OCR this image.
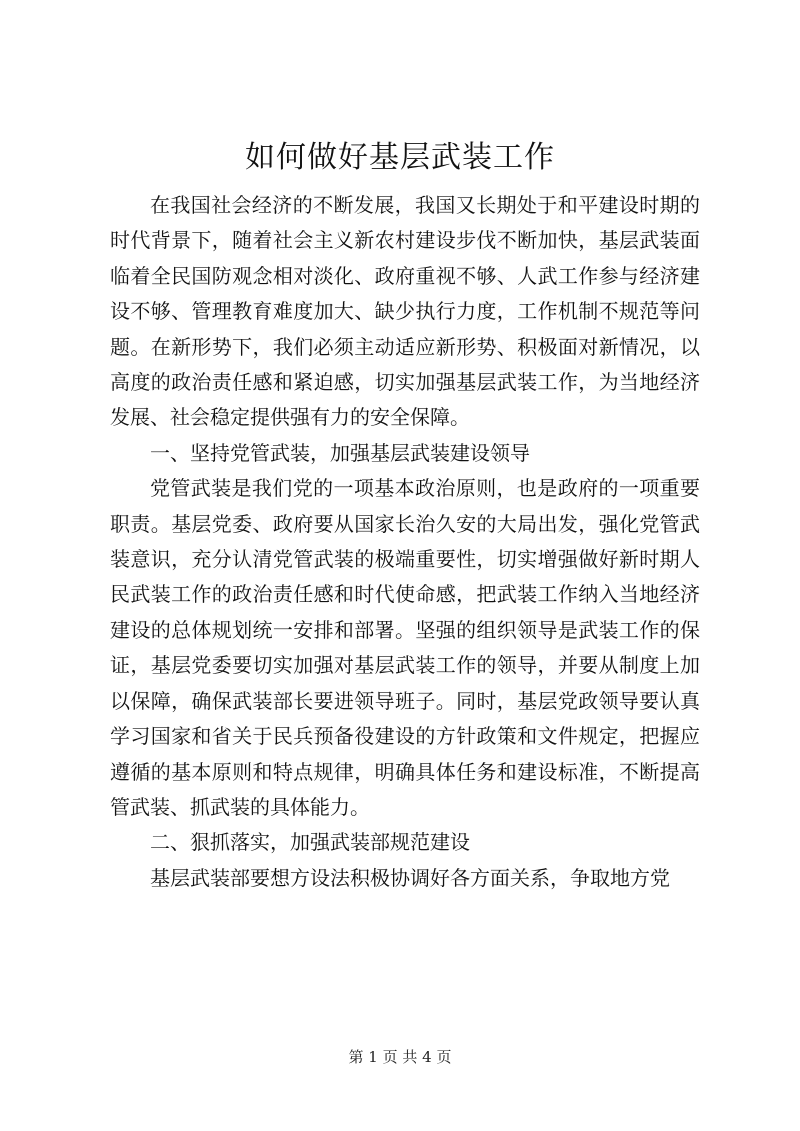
如何做好基层武装工作

在我国社会经济的不断发展，我国又长期处于和平建设时期的时代背景下，随着社会主义新农村建设步伐不断加快，基层武装面临着全民国防观念相对淡化、政府重视不够、人武工作参与经济建设不够、管理教育难度加大、缺少执行力度，工作机制不规范等问题。在新形势下，我们必须主动适应新形势、积极面对新情况，以高度的政治责任感和紧迫感，切实加强基层武装工作，为当地经济发展、社会稳定提供强有力的安全保障。

一、坚持党管武装，加强基层武装建设领导

党管武装是我们党的一项基本政治原则，也是政府的一项重要职责。基层党委、政府要从国家长治久安的大局出发，强化党管武装意识，充分认清党管武装的极端重要性，切实增强做好新时期人民武装工作的政治责任感和时代使命感，把武装工作纳入当地经济建设的总体规划统一安排和部署。坚强的组织领导是武装工作的保证，基层党委要切实加强对基层武装工作的领导，并要从制度上加以保障，确保武装部长要进领导班子。同时，基层党政领导要认真学习国家和省关于民兵预备役建设的方针政策和文件规定，把握应遵循的基本原则和特点规律，明确具体任务和建设标准，不断提高管武装、抓武装的具体能力。

二、狠抓落实，加强武装部规范建设

基层武装部要想方设法积极协调好各方面关系，争取地方党

第 1 页 共 4 页
